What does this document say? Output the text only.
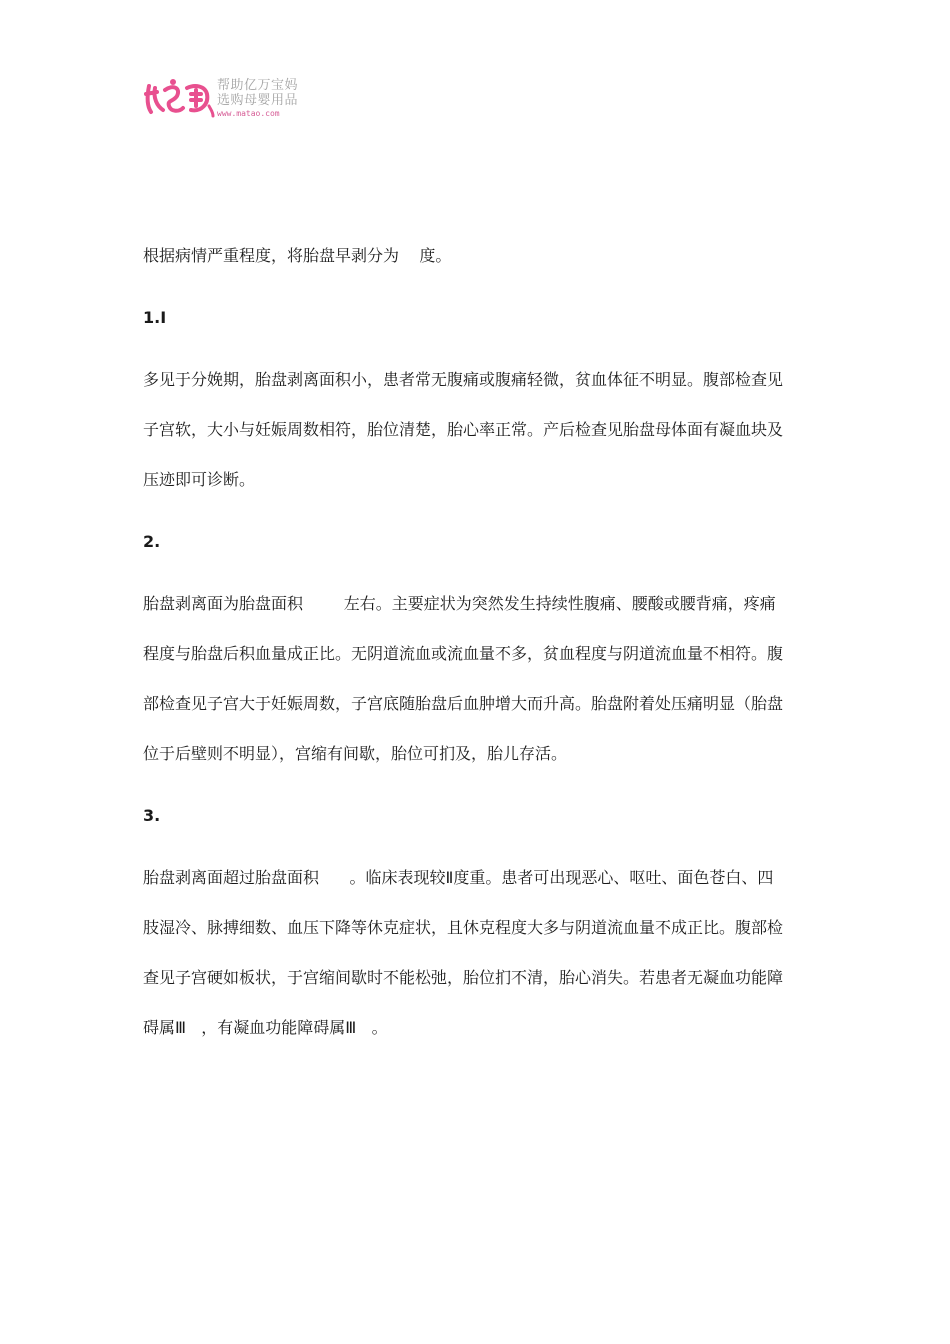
帮助亿万宝妈
选购母婴用品
www.matao.com

根据病情严重程度，将胎盘早剥分为    度。

1.I

多见于分娩期，胎盘剥离面积小，患者常无腹痛或腹痛轻微，贫血体征不明显。腹部检查见

子宫软，大小与妊娠周数相符，胎位清楚，胎心率正常。产后检查见胎盘母体面有凝血块及

压迹即可诊断。

2.

胎盘剥离面为胎盘面积        左右。主要症状为突然发生持续性腹痛、腰酸或腰背痛，疼痛

程度与胎盘后积血量成正比。无阴道流血或流血量不多，贫血程度与阴道流血量不相符。腹

部检查见子宫大于妊娠周数，子宫底随胎盘后血肿增大而升高。胎盘附着处压痛明显（胎盘

位于后壁则不明显），宫缩有间歇，胎位可扪及，胎儿存活。

3.

胎盘剥离面超过胎盘面积      。临床表现较Ⅱ度重。患者可出现恶心、呕吐、面色苍白、四

肢湿冷、脉搏细数、血压下降等休克症状，且休克程度大多与阴道流血量不成正比。腹部检

查见子宫硬如板状，于宫缩间歇时不能松弛，胎位扪不清，胎心消失。若患者无凝血功能障

碍属Ⅲ   ，有凝血功能障碍属Ⅲ   。
